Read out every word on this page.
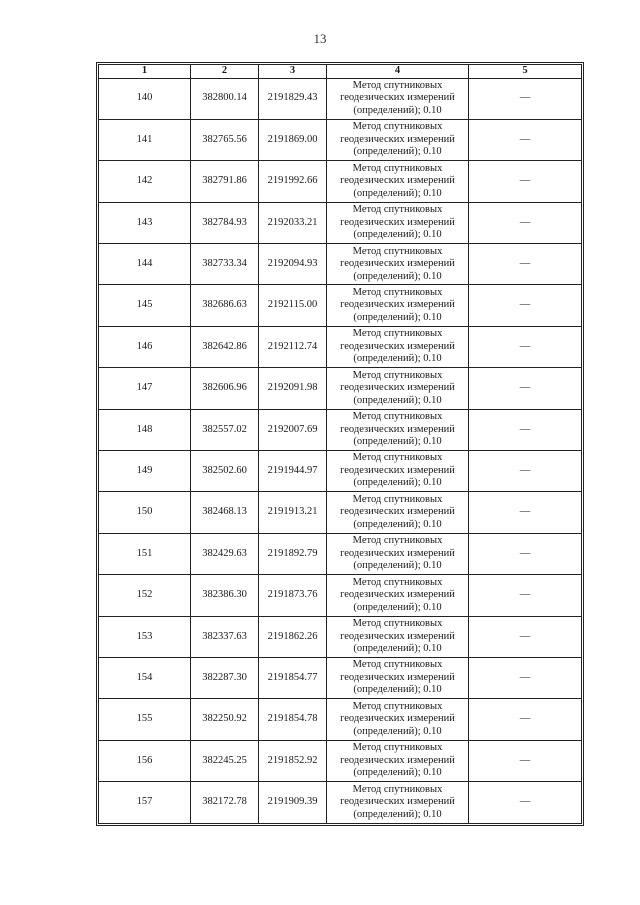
13
1	2	3	4	5
140	382800.14	2191829.43	Метод спутниковых
геодезических измерений
(определений); 0.10	—
141	382765.56	2191869.00	Метод спутниковых
геодезических измерений
(определений); 0.10	—
142	382791.86	2191992.66	Метод спутниковых
геодезических измерений
(определений); 0.10	—
143	382784.93	2192033.21	Метод спутниковых
геодезических измерений
(определений); 0.10	—
144	382733.34	2192094.93	Метод спутниковых
геодезических измерений
(определений); 0.10	—
145	382686.63	2192115.00	Метод спутниковых
геодезических измерений
(определений); 0.10	—
146	382642.86	2192112.74	Метод спутниковых
геодезических измерений
(определений); 0.10	—
147	382606.96	2192091.98	Метод спутниковых
геодезических измерений
(определений); 0.10	—
148	382557.02	2192007.69	Метод спутниковых
геодезических измерений
(определений); 0.10	—
149	382502.60	2191944.97	Метод спутниковых
геодезических измерений
(определений); 0.10	—
150	382468.13	2191913.21	Метод спутниковых
геодезических измерений
(определений); 0.10	—
151	382429.63	2191892.79	Метод спутниковых
геодезических измерений
(определений); 0.10	—
152	382386.30	2191873.76	Метод спутниковых
геодезических измерений
(определений); 0.10	—
153	382337.63	2191862.26	Метод спутниковых
геодезических измерений
(определений); 0.10	—
154	382287.30	2191854.77	Метод спутниковых
геодезических измерений
(определений); 0.10	—
155	382250.92	2191854.78	Метод спутниковых
геодезических измерений
(определений); 0.10	—
156	382245.25	2191852.92	Метод спутниковых
геодезических измерений
(определений); 0.10	—
157	382172.78	2191909.39	Метод спутниковых
геодезических измерений
(определений); 0.10	—
